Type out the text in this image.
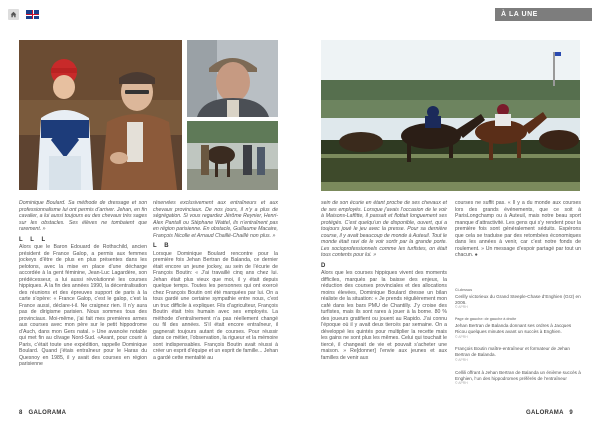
À LA UNE

Dominique Boulard. Sa méthode de dressage et son professionnalisme lui ont permis d’arriver. Jehan, en fin cavalier, a lui aussi toujours eu des chevaux très sages sur les obstacles. Ses élèves ne tombaient que rarement. »

L L L

Alors que le Baron Edouard de Rothschild, ancien président de France Galop, a permis aux femmes jockeys d’être de plus en plus présentes dans les pelotons, avec la mise en place d’une décharge accordée à la gent féminine, Jean-Luc Lagardère, son prédécesseur, a lui aussi révolutionné les courses hippiques. À la fin des années 1990, la décentralisation des réunions et des épreuves support de paris à la carte s’opère: « France Galop, c’est le galop, c’est la France aussi, déclare-t-il. Ne craignez rien. Il n’y aura pas de dirigisme parisien. Nous sommes tous des provinciaux. Moi-même, j’ai fait mes premières armes aux courses avec mon père sur le petit hippodrome d’Auch, dans mon Gers natal. » Une avancée notable qui met fin au clivage Nord-Sud. «Avant, pour courir à Paris, c’était toute une expédition, rappelle Dominique Boulard. Quand j’étais entraîneur pour le Haras du Quesnoy en 1985, il y avait des courses en région parisienne

réservées exclusivement aux entraîneurs et aux chevaux provinciaux. De nos jours, il n’y a plus de ségrégation. Si vous regardez Jérôme Reynier, Henri-Alex Pantall ou Stéphane Wattel, ils n’entraînent pas en région parisienne. En obstacle, Guillaume Macaire, François Nicolle et Arnaud Chaillé-Chaillé non plus. »

L B

Lorsque Dominique Boulard rencontre pour la première fois Jehan Bertran de Balanda, ce dernier était encore un jeune jockey, au sein de l’écurie de François Boutin: « J’ai travaillé cinq ans chez lui. Jehan était plus vieux que moi, il y était depuis quelque temps. Toutes les personnes qui ont exercé chez François Boutin ont été marquées par lui. On a tous gardé une certaine sympathie entre nous, c’est un truc difficile à expliquer. Fils d’agriculteur, François Boutin était très humain avec ses employés. La méthode d’entraînement n’a pas réellement changé ou fil des années. S’il était encore entraîneur, il gagnerait toujours autant de courses. Pour réussir dans ce métier, l’observation, la rigueur et la mémoire sont indispensables. François Boutin avait réussi à créer un esprit d’équipe et un esprit de famille... Jehan a gardé cette mentalité au

sein de son écurie en étant proche de ses chevaux et de ses employés. Lorsque j’avais l’occasion de le voir à Maisons-Laffitte, il passait et flottait longuement ses protégés. C’est quelqu’un de disponible, ouvert, qui a toujours joué le jeu avec la presse. Pour sa dernière course, il y avait beaucoup de monde à Auteuil. Tout le monde était ravi de le voir sortir par la grande porte. Les socioprofessionnels comme les turfistes, on était tous contents pour lui. »

D

Alors que les courses hippiques vivent des moments difficiles, marqués par la baisse des enjeux, la réduction des courses provinciales et des allocations moins élevées, Dominique Boulard dresse un bilan réaliste de la situation: « Je prends régulièrement mon café dans les bars PMU de Chantilly. J’y croise des turfistes, mais ils sont rares à jouer à la borne. 80 % des joueurs gratifient ou jouent au Rapido. J’ai connu l’époque où il y avait deux tiercés par semaine. On a développé les quintés pour multiplier la recette mais les gains ne sont plus les mêmes. Celui qui touchait le tiercé, il changeait de vie et pouvait s’acheter une maison. » Re[donner] l’envie aux jeunes et aux familles de venir aux

courses ne suffit pas. « Il y a du monde aux courses lors des grands événements, que ce soit à ParisLongchamp ou à Auteuil, mais notre beau sport manque d’attractivité. Les gens qui s’y rendent pour la première fois sont généralement séduits. Espérons que cela se traduise par des retombées économiques dans les années à venir, car c’est notre fonds de roulement. » Un message d’espoir partagé par tout un chacun. ●

Ci-dessus
Cerilly victorieux du Grand Steeple-Chase d’Enghien (Gr2) en 2006.
© APRH
Page de gauche: de gauche à droite
Jehan Bertran de Balanda donnant ses ordres à Jacques Ricou quelques minutes avant un succès à Enghien.
© APRH
François Boutin maître-entraîneur et formateur de Jehan Bertran de Balanda.
© APRH
Cellili offrant à Jehan Bertran de Balanda un énième succès à Enghien, l’un des hippodromes préférés de l’entraîneur
© APRH
8 GALORAMA	GALORAMA 9
